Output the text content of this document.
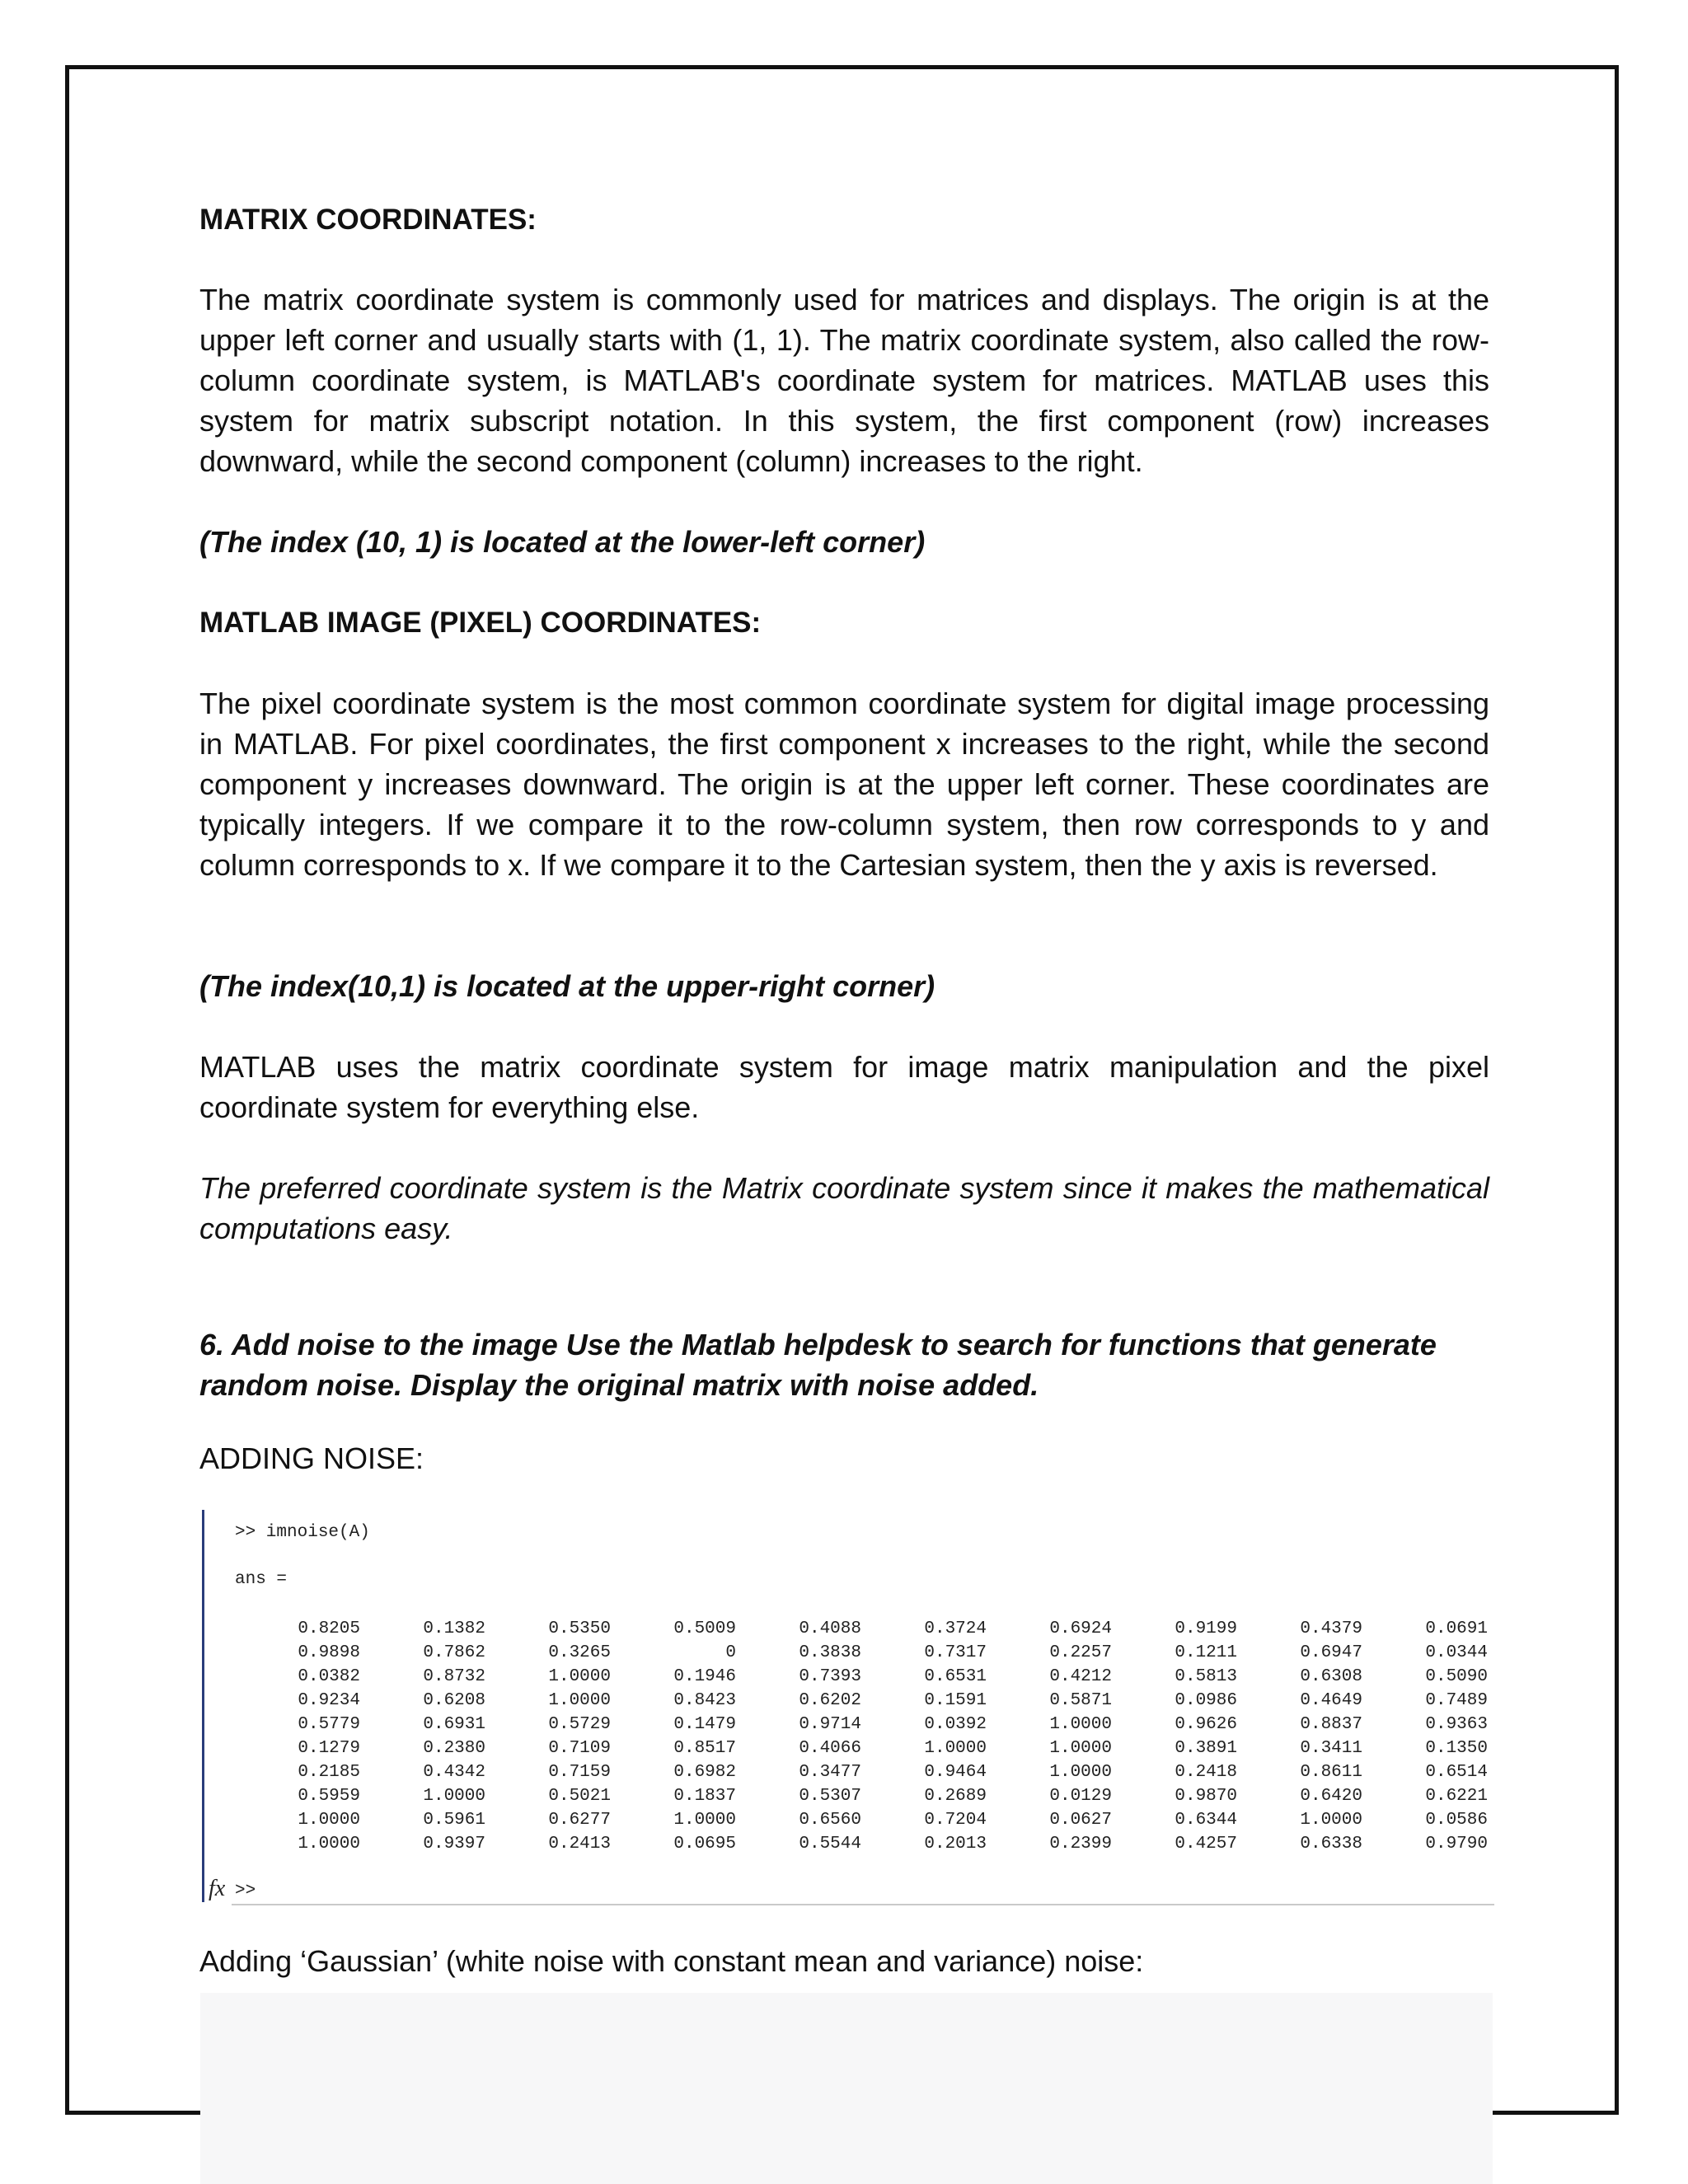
MATRIX COORDINATES:

The matrix coordinate system is commonly used for matrices and displays. The origin is at the upper left corner and usually starts with (1, 1). The matrix coordinate system, also called the row-column coordinate system, is MATLAB's coordinate system for matrices. MATLAB uses this system for matrix subscript notation. In this system, the first component (row) increases downward, while the second component (column) increases to the right.

(The index (10, 1) is located at the lower-left corner)

MATLAB IMAGE (PIXEL) COORDINATES:

The pixel coordinate system is the most common coordinate system for digital image processing in MATLAB. For pixel coordinates, the first component x increases to the right, while the second component y increases downward. The origin is at the upper left corner. These coordinates are typically integers. If we compare it to the row-column system, then row corresponds to y and column corresponds to x. If we compare it to the Cartesian system, then the y axis is reversed.

(The index(10,1) is located at the upper-right corner)

MATLAB uses the matrix coordinate system for image matrix manipulation and the pixel coordinate system for everything else.

The preferred coordinate system is the Matrix coordinate system since it makes the mathematical computations easy.

6. Add noise to the image Use the Matlab helpdesk to search for functions that generate random noise. Display the original matrix with noise added.

ADDING NOISE:

>> imnoise(A)
ans =
0.8205	0.1382	0.5350	0.5009	0.4088	0.3724	0.6924	0.9199	0.4379	0.0691
0.9898	0.7862	0.3265	0	0.3838	0.7317	0.2257	0.1211	0.6947	0.0344
0.0382	0.8732	1.0000	0.1946	0.7393	0.6531	0.4212	0.5813	0.6308	0.5090
0.9234	0.6208	1.0000	0.8423	0.6202	0.1591	0.5871	0.0986	0.4649	0.7489
0.5779	0.6931	0.5729	0.1479	0.9714	0.0392	1.0000	0.9626	0.8837	0.9363
0.1279	0.2380	0.7109	0.8517	0.4066	1.0000	1.0000	0.3891	0.3411	0.1350
0.2185	0.4342	0.7159	0.6982	0.3477	0.9464	1.0000	0.2418	0.8611	0.6514
0.5959	1.0000	0.5021	0.1837	0.5307	0.2689	0.0129	0.9870	0.6420	0.6221
1.0000	0.5961	0.6277	1.0000	0.6560	0.7204	0.0627	0.6344	1.0000	0.0586
1.0000	0.9397	0.2413	0.0695	0.5544	0.2013	0.2399	0.4257	0.6338	0.9790
fx >>

Adding ‘Gaussian’ (white noise with constant mean and variance) noise:
